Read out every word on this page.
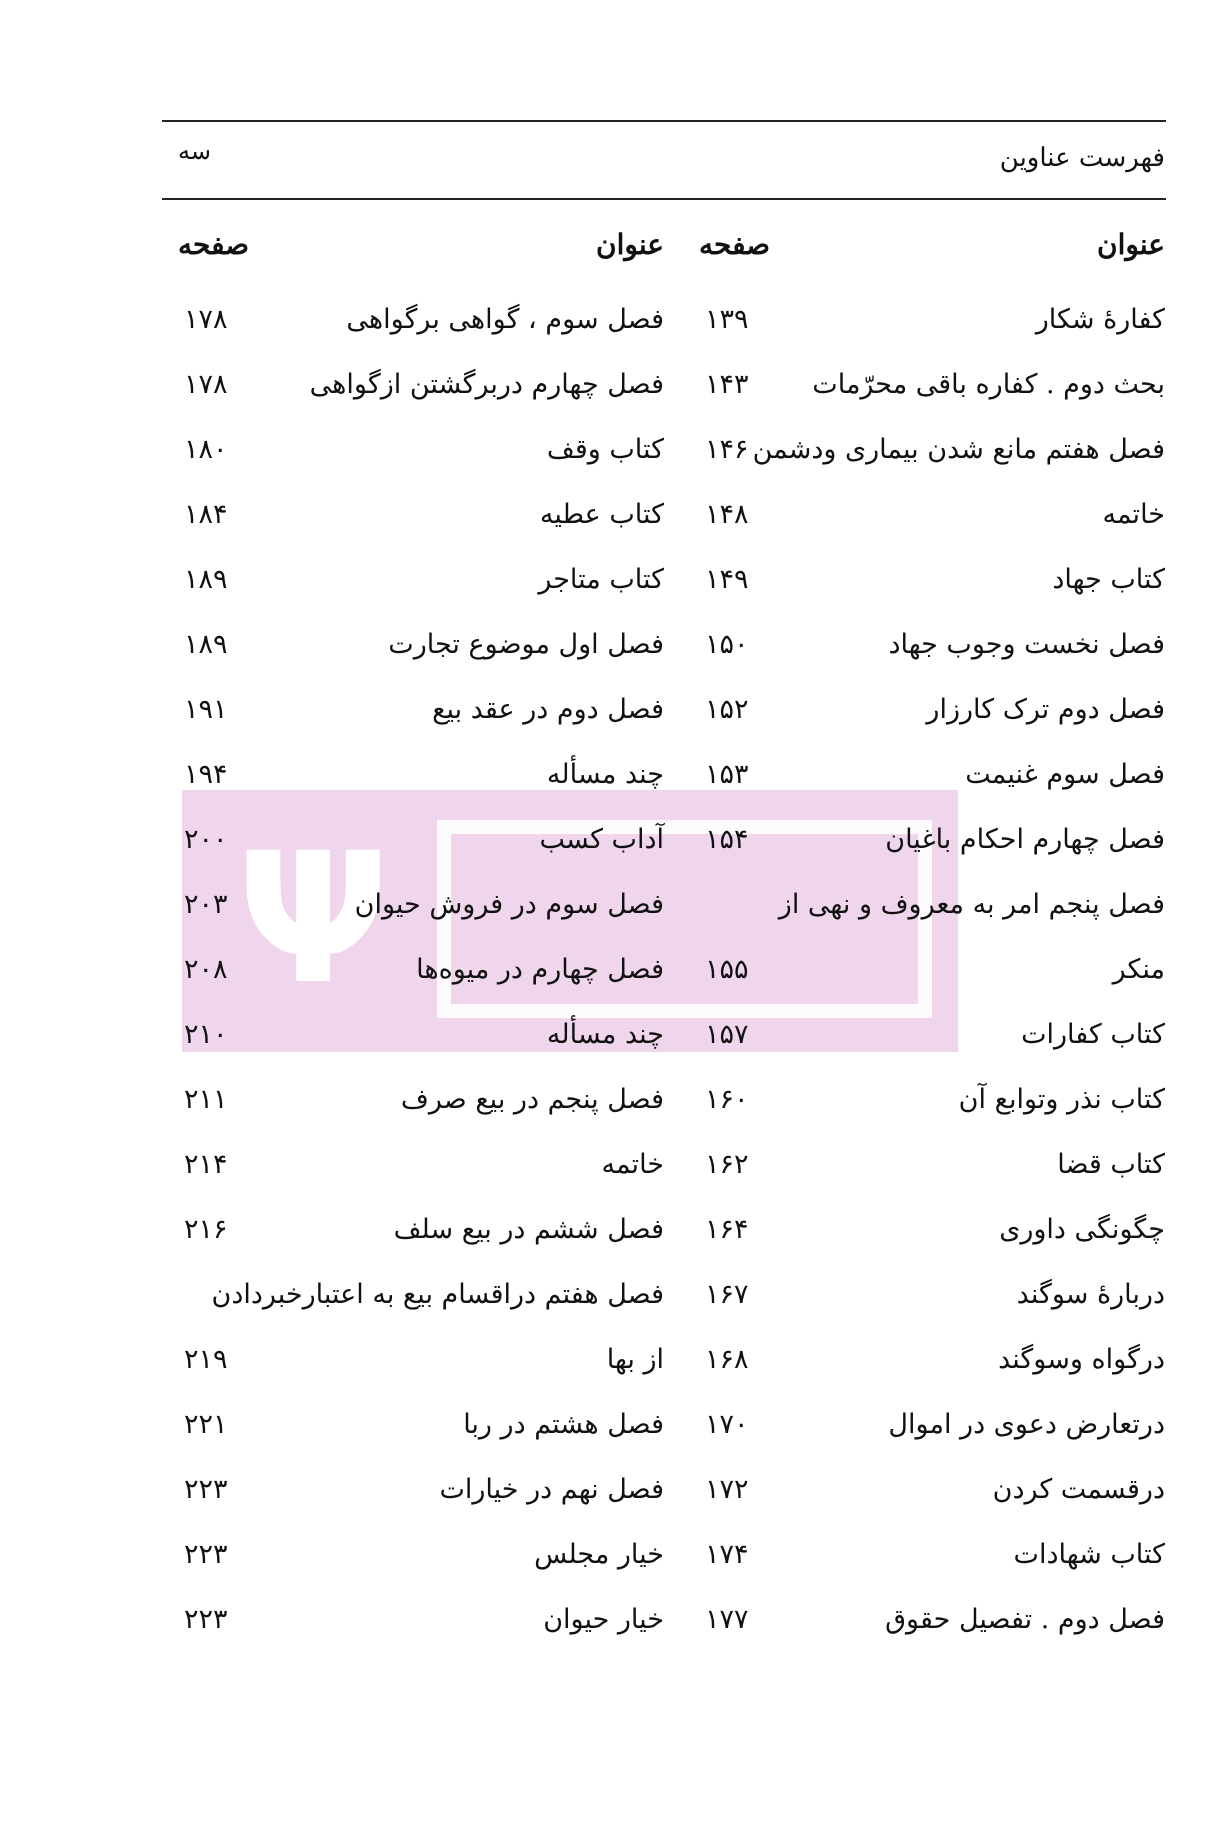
فهرست عناوین
سه
Ψ
عنوان
صفحه
کفارهٔ شکار
۱۳۹
بحث دوم . کفاره باقی محرّمات
۱۴۳
فصل هفتم مانع شدن بیماری ودشمن
۱۴۶
خاتمه
۱۴۸
کتاب جهاد
۱۴۹
فصل نخست وجوب جهاد
۱۵۰
فصل دوم ترک کارزار
۱۵۲
فصل سوم غنیمت
۱۵۳
فصل چهارم احکام باغیان
۱۵۴
فصل پنجم امر به معروف و نهی از
منکر
۱۵۵
کتاب کفارات
۱۵۷
کتاب نذر وتوابع آن
۱۶۰
کتاب قضا
۱۶۲
چگونگی داوری
۱۶۴
دربارهٔ سوگند
۱۶۷
درگواه وسوگند
۱۶۸
درتعارض دعوی در اموال
۱۷۰
درقسمت کردن
۱۷۲
کتاب شهادات
۱۷۴
فصل دوم . تفصیل حقوق
۱۷۷
عنوان
صفحه
فصل سوم ، گواهی برگواهی
۱۷۸
فصل چهارم دربرگشتن ازگواهی
۱۷۸
کتاب وقف
۱۸۰
کتاب عطیه
۱۸۴
کتاب متاجر
۱۸۹
فصل اول موضوع تجارت
۱۸۹
فصل دوم در عقد بیع
۱۹۱
چند مسأله
۱۹۴
آداب کسب
۲۰۰
فصل سوم در فروش حیوان
۲۰۳
فصل چهارم در میوه‌ها
۲۰۸
چند مسأله
۲۱۰
فصل پنجم در بیع صرف
۲۱۱
خاتمه
۲۱۴
فصل ششم در بیع سلف
۲۱۶
فصل هفتم دراقسام بیع به اعتبارخبردادن
از بها
۲۱۹
فصل هشتم در ربا
۲۲۱
فصل نهم در خیارات
۲۲۳
خیار مجلس
۲۲۳
خیار حیوان
۲۲۳
